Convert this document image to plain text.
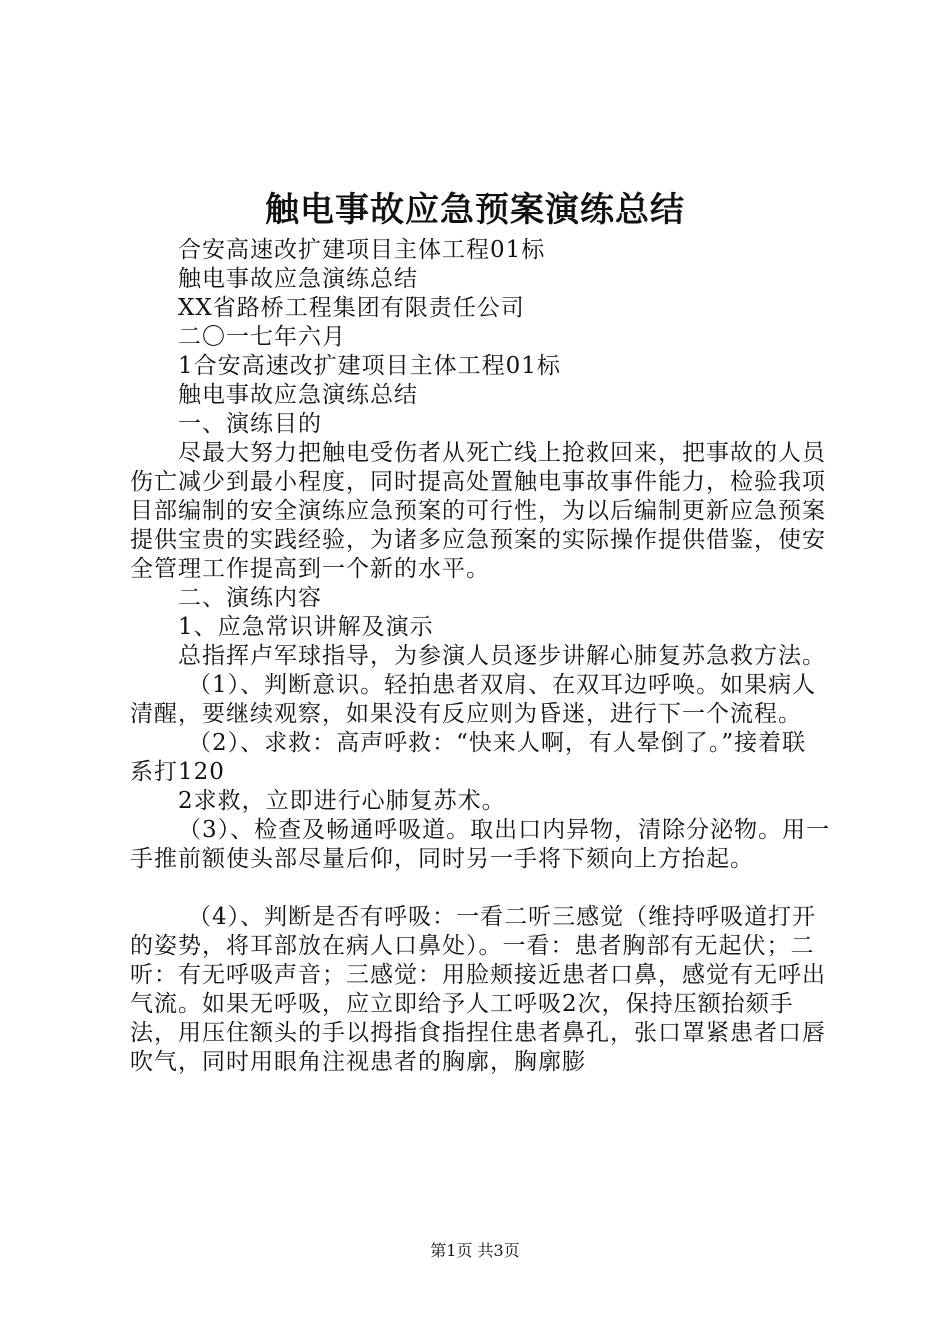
触电事故应急预案演练总结

合安高速改扩建项目主体工程01标

触电事故应急演练总结

XX省路桥工程集团有限责任公司

二〇一七年六月

1合安高速改扩建项目主体工程01标

触电事故应急演练总结

一、演练目的

尽最大努力把触电受伤者从死亡线上抢救回来，把事故的人员伤亡减少到最小程度，同时提高处置触电事故事件能力，检验我项目部编制的安全演练应急预案的可行性，为以后编制更新应急预案提供宝贵的实践经验，为诸多应急预案的实际操作提供借鉴，使安全管理工作提高到一个新的水平。

二、演练内容

1、应急常识讲解及演示

总指挥卢军球指导，为参演人员逐步讲解心肺复苏急救方法。

（1）、判断意识。轻拍患者双肩、在双耳边呼唤。如果病人清醒，要继续观察，如果没有反应则为昏迷，进行下一个流程。

（2）、求救：高声呼救：“快来人啊，有人晕倒了。”接着联系打120

2求救，立即进行心肺复苏术。

（3）、检查及畅通呼吸道。取出口内异物，清除分泌物。用一手推前额使头部尽量后仰，同时另一手将下颏向上方抬起。

（4）、判断是否有呼吸：一看二听三感觉（维持呼吸道打开的姿势，将耳部放在病人口鼻处）。一看：患者胸部有无起伏；二听：有无呼吸声音；三感觉：用脸颊接近患者口鼻，感觉有无呼出气流。如果无呼吸，应立即给予人工呼吸2次，保持压额抬颏手法，用压住额头的手以拇指食指捏住患者鼻孔，张口罩紧患者口唇吹气，同时用眼角注视患者的胸廓，胸廓膨

第1页 共3页
